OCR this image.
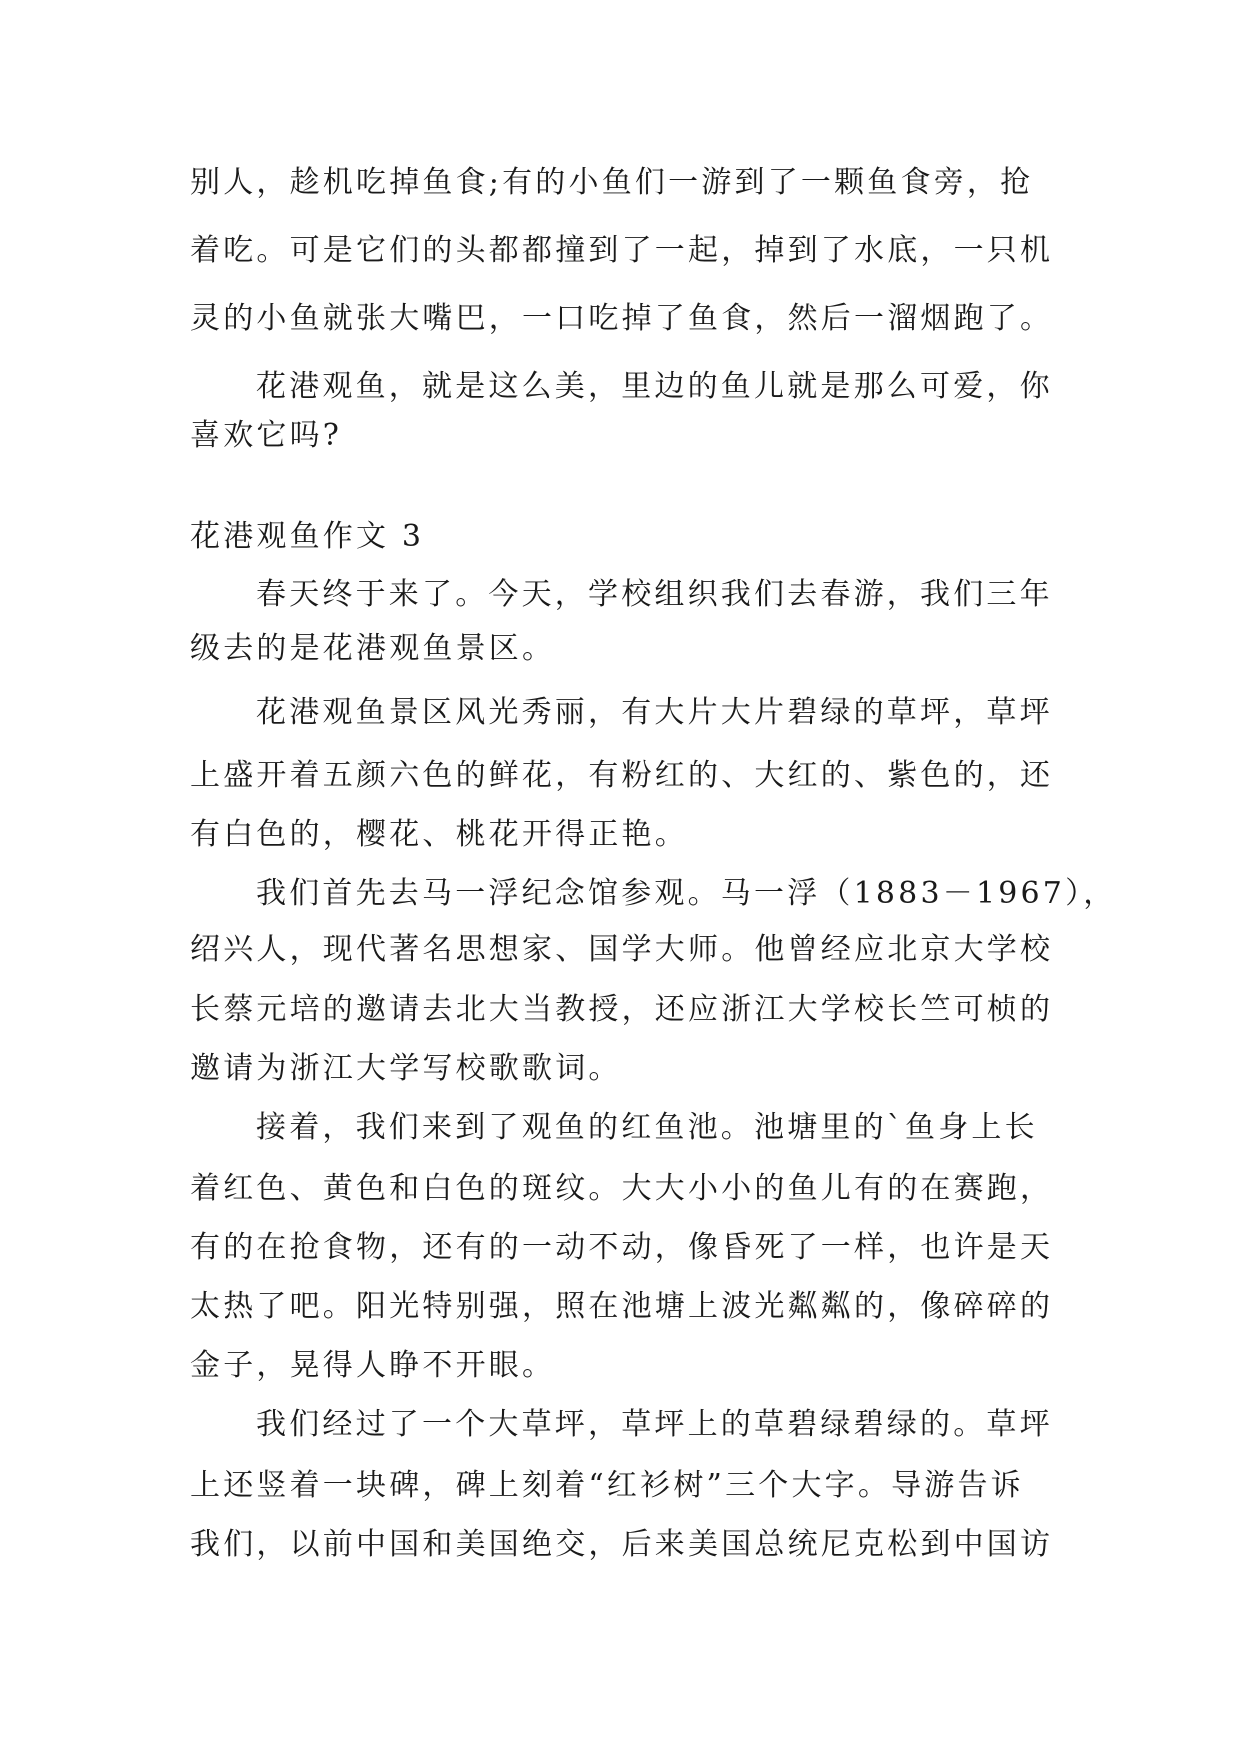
别人，趁机吃掉鱼食;有的小鱼们一游到了一颗鱼食旁，抢
着吃。可是它们的头都都撞到了一起，掉到了水底，一只机
灵的小鱼就张大嘴巴，一口吃掉了鱼食，然后一溜烟跑了。
花港观鱼，就是这么美，里边的鱼儿就是那么可爱，你
喜欢它吗?
花港观鱼作文 3
春天终于来了。今天，学校组织我们去春游，我们三年
级去的是花港观鱼景区。
花港观鱼景区风光秀丽，有大片大片碧绿的草坪，草坪
上盛开着五颜六色的鲜花，有粉红的、大红的、紫色的，还
有白色的，樱花、桃花开得正艳。
我们首先去马一浮纪念馆参观。马一浮（1883－1967），
绍兴人，现代著名思想家、国学大师。他曾经应北京大学校
长蔡元培的邀请去北大当教授，还应浙江大学校长竺可桢的
邀请为浙江大学写校歌歌词。
接着，我们来到了观鱼的红鱼池。池塘里的`鱼身上长
着红色、黄色和白色的斑纹。大大小小的鱼儿有的在赛跑，
有的在抢食物，还有的一动不动，像昏死了一样，也许是天
太热了吧。阳光特别强，照在池塘上波光粼粼的，像碎碎的
金子，晃得人睁不开眼。
我们经过了一个大草坪，草坪上的草碧绿碧绿的。草坪
上还竖着一块碑，碑上刻着“红衫树”三个大字。导游告诉
我们，以前中国和美国绝交，后来美国总统尼克松到中国访
